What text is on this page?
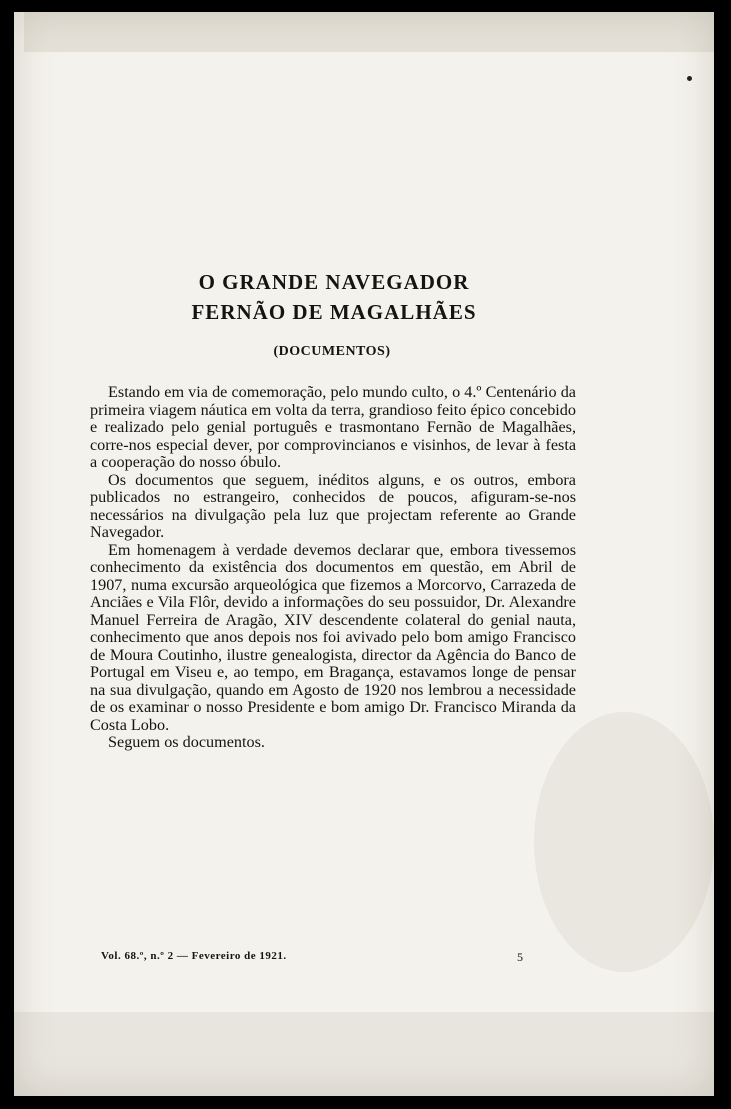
O GRANDE NAVEGADOR
FERNÃO DE MAGALHÃES
(DOCUMENTOS)

Estando em via de comemoração, pelo mundo culto, o 4.º Centenário da primeira viagem náutica em volta da terra, grandioso feito épico concebido e realizado pelo genial português e trasmontano Fernão de Magalhães, corre-nos especial dever, por comprovincianos e visinhos, de levar à festa a cooperação do nosso óbulo.

Os documentos que seguem, inéditos alguns, e os outros, embora publicados no estrangeiro, conhecidos de poucos, afiguram-se-nos necessários na divulgação pela luz que projectam referente ao Grande Navegador.

Em homenagem à verdade devemos declarar que, embora tivessemos conhecimento da existência dos documentos em questão, em Abril de 1907, numa excursão arqueológica que fizemos a Morcorvo, Carrazeda de Anciães e Vila Flôr, devido a informações do seu possuidor, Dr. Alexandre Manuel Ferreira de Aragão, XIV descendente colateral do genial nauta, conhecimento que anos depois nos foi avivado pelo bom amigo Francisco de Moura Coutinho, ilustre genealogista, director da Agência do Banco de Portugal em Viseu e, ao tempo, em Bragança, estavamos longe de pensar na sua divulgação, quando em Agosto de 1920 nos lembrou a necessidade de os examinar o nosso Presidente e bom amigo Dr. Francisco Miranda da Costa Lobo.

Seguem os documentos.

Vol. 68.º, n.º 2 — Fevereiro de 1921.	5
